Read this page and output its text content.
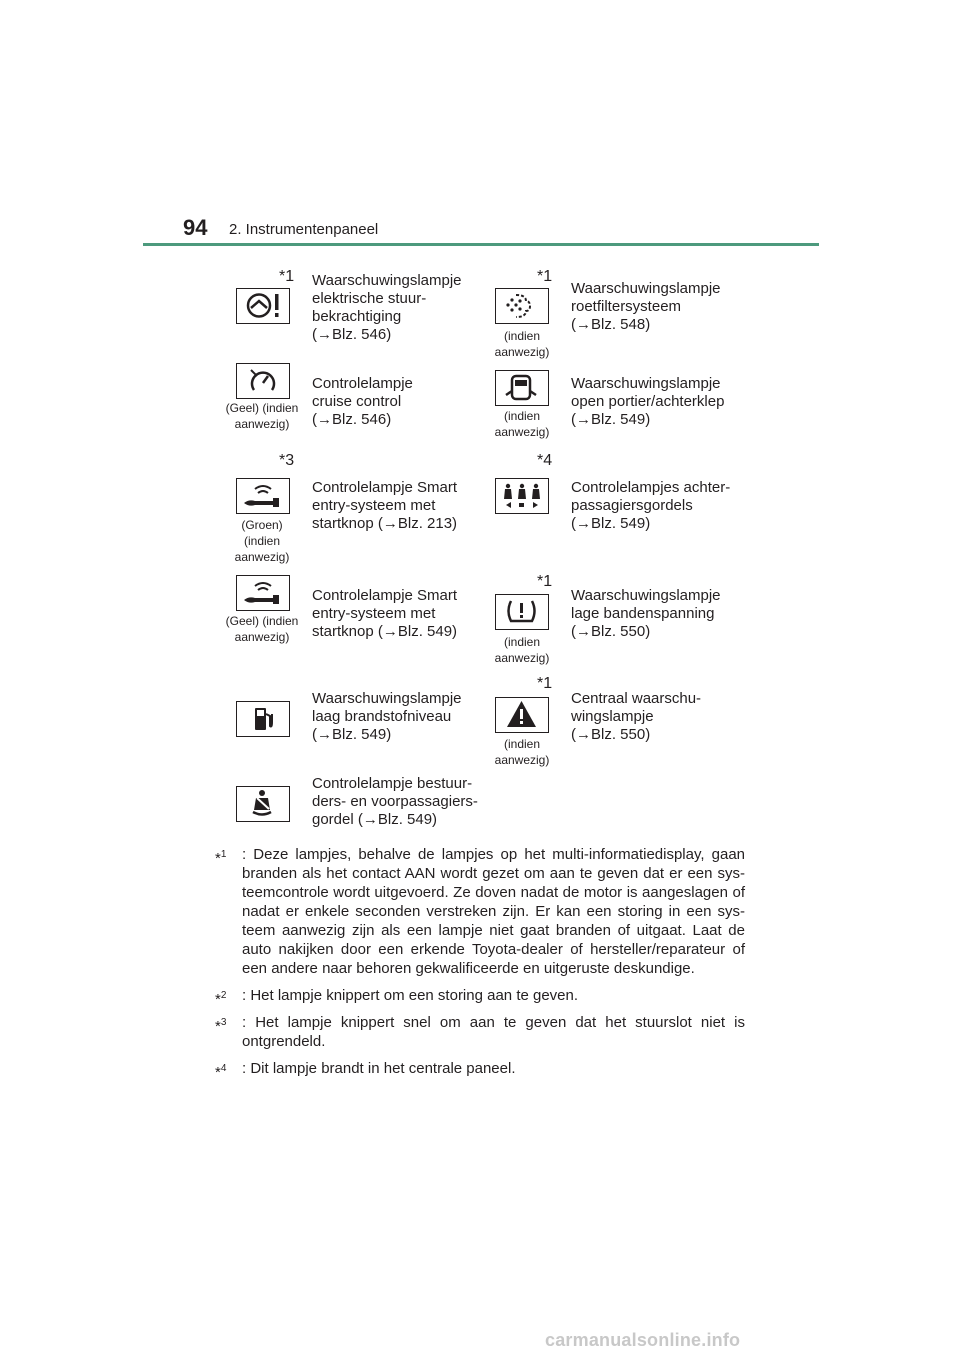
94 2. Instrumentenpaneel
*1 Waarschuwingslampje
elektrische stuur-
bekrachtiging
(→Blz. 546)
*1
(indien aanwezig)
Waarschuwingslampje
roetfiltersysteem
(→Blz. 548)
(Geel) (indien aanwezig)
Controlelampje
cruise control
(→Blz. 546)	(indien aanwezig)
Waarschuwingslampje
open portier/achterklep
(→Blz. 549)
*3
(Groen) (indien aanwezig)
Controlelampje Smart
entry-systeem met
startknop (→Blz. 213)
*4
Controlelampjes achter-
passagiersgordels
(→Blz. 549)
(Geel) (indien aanwezig)
Controlelampje Smart
entry-systeem met
startknop (→Blz. 549)
*1
(indien aanwezig)
Waarschuwingslampje
lage bandenspanning
(→Blz. 550)
Waarschuwingslampje
laag brandstofniveau
(→Blz. 549)
*1
(indien aanwezig)
Centraal waarschu-
wingslampje
(→Blz. 550)
Controlelampje bestuur-
ders- en voorpassagiers-
gordel (→Blz. 549)
*$^1$ : Deze lampjes, behalve de lampjes op het multi-informatiedisplay, gaan branden als het contact AAN wordt gezet om aan te geven dat er een sys-teemcontrole wordt uitgevoerd. Ze doven nadat de motor is aangeslagen of nadat er enkele seconden verstreken zijn. Er kan een storing in een sys-teem aanwezig zijn als een lampje niet gaat branden of uitgaat. Laat de auto nakijken door een erkende Toyota-dealer of hersteller/reparateur of een andere naar behoren gekwalificeerde en uitgeruste deskundige.
*$^2$ : Het lampje knippert om een storing aan te geven.
*$^3$ : Het lampje knippert snel om aan te geven dat het stuurslot niet is ontgrendeld.
*$^4$ : Dit lampje brandt in het centrale paneel.
carmanualsonline.info
